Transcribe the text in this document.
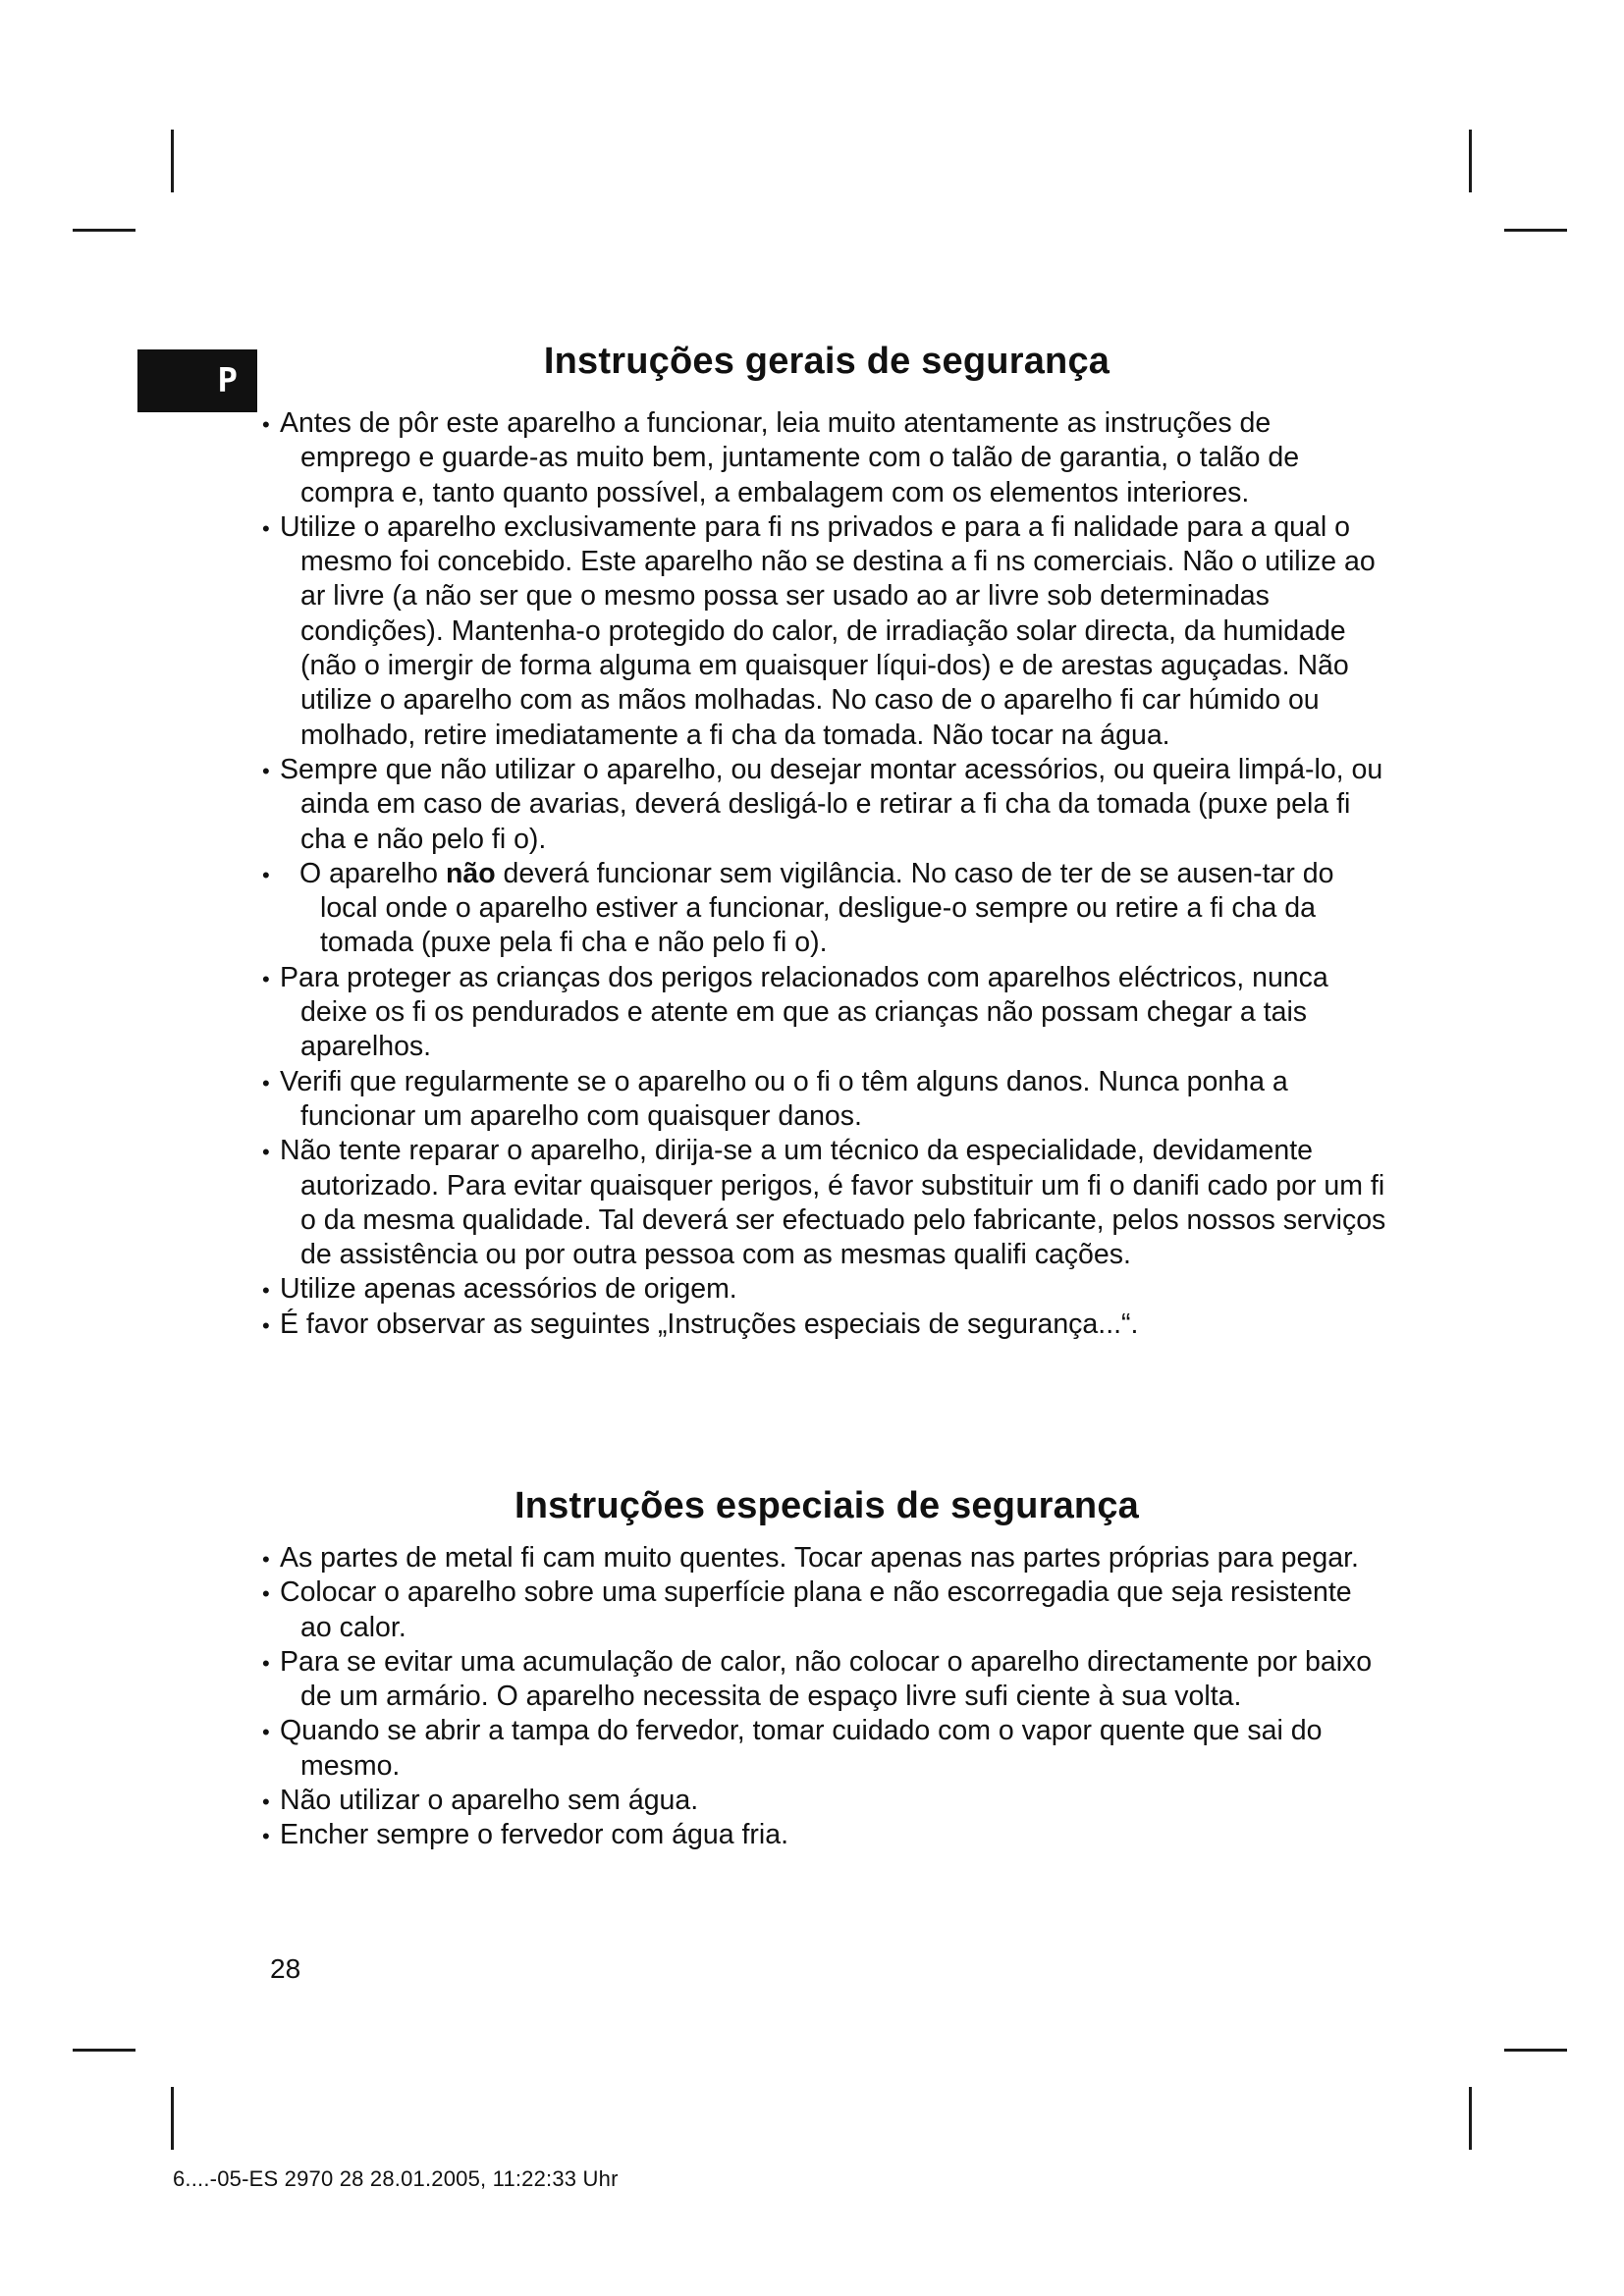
P	Instruções gerais de segurança
• Antes de pôr este aparelho a funcionar, leia muito atentamente as instruções de emprego e guarde-as muito bem, juntamente com o talão de garantia, o talão de compra e, tanto quanto possível, a embalagem com os elementos interiores.
• Utilize o aparelho exclusivamente para fi ns privados e para a fi nalidade para a qual o mesmo foi concebido. Este aparelho não se destina a fi ns comerciais. Não o utilize ao ar livre (a não ser que o mesmo possa ser usado ao ar livre sob determinadas condições). Mantenha-o protegido do calor, de irradiação solar directa, da humidade (não o imergir de forma alguma em quaisquer líqui-dos) e de arestas aguçadas. Não utilize o aparelho com as mãos molhadas. No caso de o aparelho fi car húmido ou molhado, retire imediatamente a fi cha da tomada. Não tocar na água.
• Sempre que não utilizar o aparelho, ou desejar montar acessórios, ou queira limpá-lo, ou ainda em caso de avarias, deverá desligá-lo e retirar a fi cha da tomada (puxe pela fi cha e não pelo fi o).
• O aparelho não deverá funcionar sem vigilância. No caso de ter de se ausen-tar do local onde o aparelho estiver a funcionar, desligue-o sempre ou retire a fi cha da tomada (puxe pela fi cha e não pelo fi o).
• Para proteger as crianças dos perigos relacionados com aparelhos eléctricos, nunca deixe os fi os pendurados e atente em que as crianças não possam chegar a tais aparelhos.
• Verifi que regularmente se o aparelho ou o fi o têm alguns danos. Nunca ponha a funcionar um aparelho com quaisquer danos.
• Não tente reparar o aparelho, dirija-se a um técnico da especialidade, devidamente autorizado. Para evitar quaisquer perigos, é favor substituir um fi o danifi cado por um fi o da mesma qualidade. Tal deverá ser efectuado pelo fabricante, pelos nossos serviços de assistência ou por outra pessoa com as mesmas qualifi cações.
• Utilize apenas acessórios de origem.
• É favor observar as seguintes „Instruções especiais de segurança...“.
Instruções especiais de segurança
• As partes de metal fi cam muito quentes. Tocar apenas nas partes próprias para pegar.
• Colocar o aparelho sobre uma superfície plana e não escorregadia que seja resistente ao calor.
• Para se evitar uma acumulação de calor, não colocar o aparelho directamente por baixo de um armário. O aparelho necessita de espaço livre sufi ciente à sua volta.
• Quando se abrir a tampa do fervedor, tomar cuidado com o vapor quente que sai do mesmo.
• Não utilizar o aparelho sem água.
• Encher sempre o fervedor com água fria.
28
6....-05-ES 2970 28 28.01.2005, 11:22:33 Uhr
